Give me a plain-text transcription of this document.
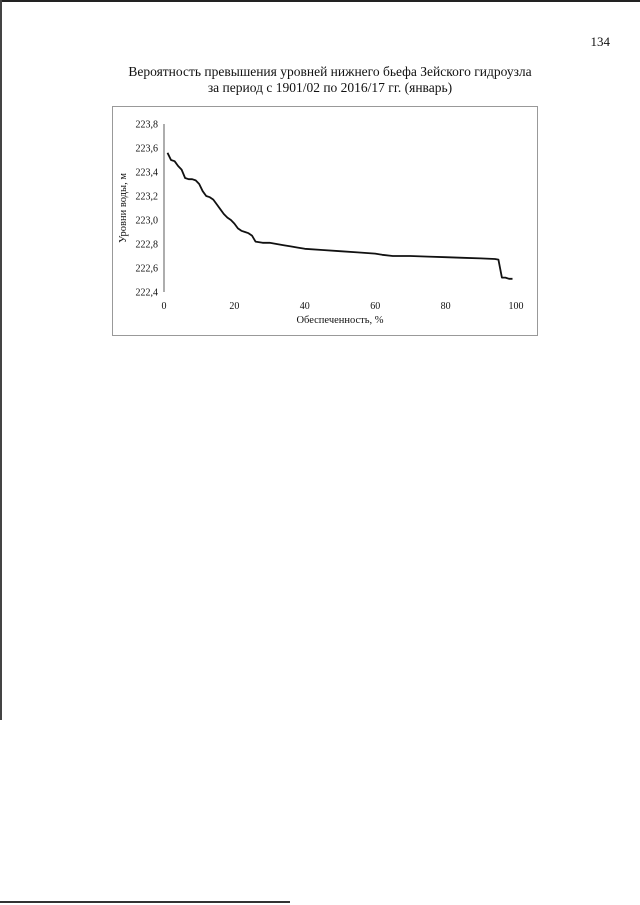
134
Вероятность превышения уровней нижнего бьефа Зейского гидроузла
за период с 1901/02 по 2016/17 гг. (январь)
223,8
223,6
223,4
223,2
223,0
222,8
222,6
222,4
0	20	40	60	80	100
Уровни воды, м
Обеспеченность, %
